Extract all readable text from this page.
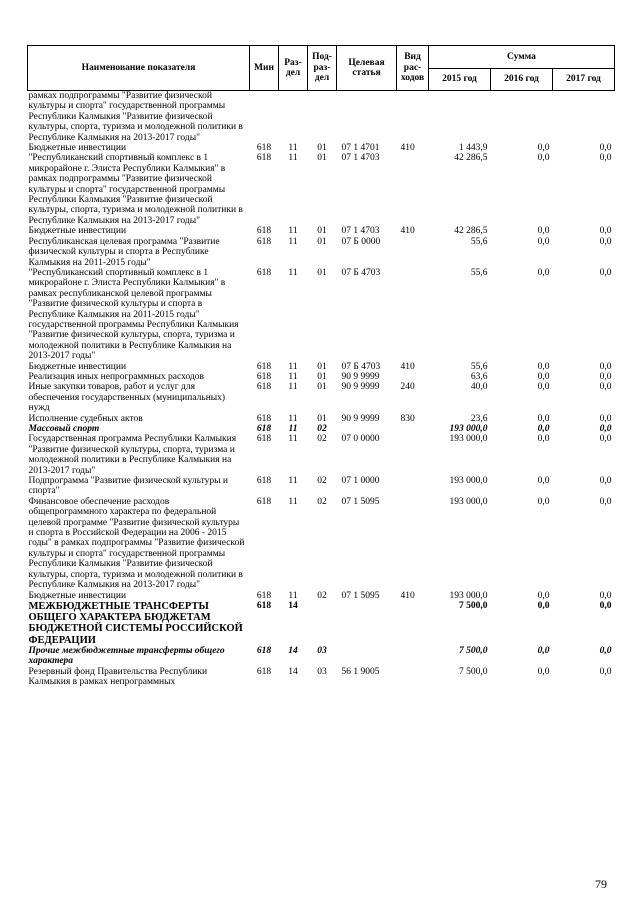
Наименование показателя	Мин	Раз-дел	Под-раз-дел	Целевая статья	Вид рас-ходов	Сумма		
						2015 год	2016 год	2017 год
рамках подпрограммы "Развитие физической культуры и спорта" государственной программы Республики Калмыкия "Развитие физической культуры, спорта, туризма и молодежной политики в Республике Калмыкия на 2013-2017 годы"								
Бюджетные инвестиции	618	11	01	07 1 4701	410	1 443,9	0,0	0,0
"Республиканский спортивный комплекс в 1 микрорайоне г. Элиста Республики Калмыкия" в рамках подпрограммы "Развитие физической культуры и спорта" государственной программы Республики Калмыкия "Развитие физической культуры, спорта, туризма и молодежной политики в Республике Калмыкия на 2013-2017 годы"	618	11	01	07 1 4703		42 286,5	0,0	0,0
Бюджетные инвестиции	618	11	01	07 1 4703	410	42 286,5	0,0	0,0
Республиканская целевая программа "Развитие физической культуры и спорта в Республике Калмыкия на 2011-2015 годы"	618	11	01	07 Б 0000		55,6	0,0	0,0
"Республиканский спортивный комплекс в 1 микрорайоне г. Элиста Республики Калмыкия" в рамках республиканской целевой программы "Развитие физической культуры и спорта в Республике Калмыкия на 2011-2015 годы" государственной программы Республики Калмыкия "Развитие физической культуры, спорта, туризма и молодежной политики в Республике Калмыкия на 2013-2017 годы"	618	11	01	07 Б 4703		55,6	0,0	0,0
Бюджетные инвестиции	618	11	01	07 Б 4703	410	55,6	0,0	0,0
Реализация иных непрограммных расходов	618	11	01	90 9 9999		63,6	0,0	0,0
Иные закупки товаров, работ и услуг для обеспечения государственных (муниципальных) нужд	618	11	01	90 9 9999	240	40,0	0,0	0,0
Исполнение судебных актов	618	11	01	90 9 9999	830	23,6	0,0	0,0
Массовый спорт	618	11	02			193 000,0	0,0	0,0
Государственная программа Республики Калмыкия "Развитие физической культуры, спорта, туризма и молодежной политики в Республике Калмыкия на 2013-2017 годы"	618	11	02	07 0 0000		193 000,0	0,0	0,0
Подпрограмма "Развитие физической культуры и спорта"	618	11	02	07 1 0000		193 000,0	0,0	0,0
Финансовое обеспечение расходов общепрограммного характера по федеральной целевой программе "Развитие физической культуры и спорта в Российской Федерации на 2006 - 2015 годы" в рамках подпрограммы "Развитие физической культуры и спорта" государственной программы Республики Калмыкия "Развитие физической культуры, спорта, туризма и молодежной политики в Республике Калмыкия на 2013-2017 годы"	618	11	02	07 1 5095		193 000,0	0,0	0,0
Бюджетные инвестиции	618	11	02	07 1 5095	410	193 000,0	0,0	0,0
МЕЖБЮДЖЕТНЫЕ ТРАНСФЕРТЫ ОБЩЕГО ХАРАКТЕРА БЮДЖЕТАМ БЮДЖЕТНОЙ СИСТЕМЫ РОССИЙСКОЙ ФЕДЕРАЦИИ	618	14				7 500,0	0,0	0,0
Прочие межбюджетные трансферты общего характера	618	14	03			7 500,0	0,0	0,0
Резервный фонд Правительства Республики Калмыкия в рамках непрограммных	618	14	03	56 1 9005		7 500,0	0,0	0,0
79
